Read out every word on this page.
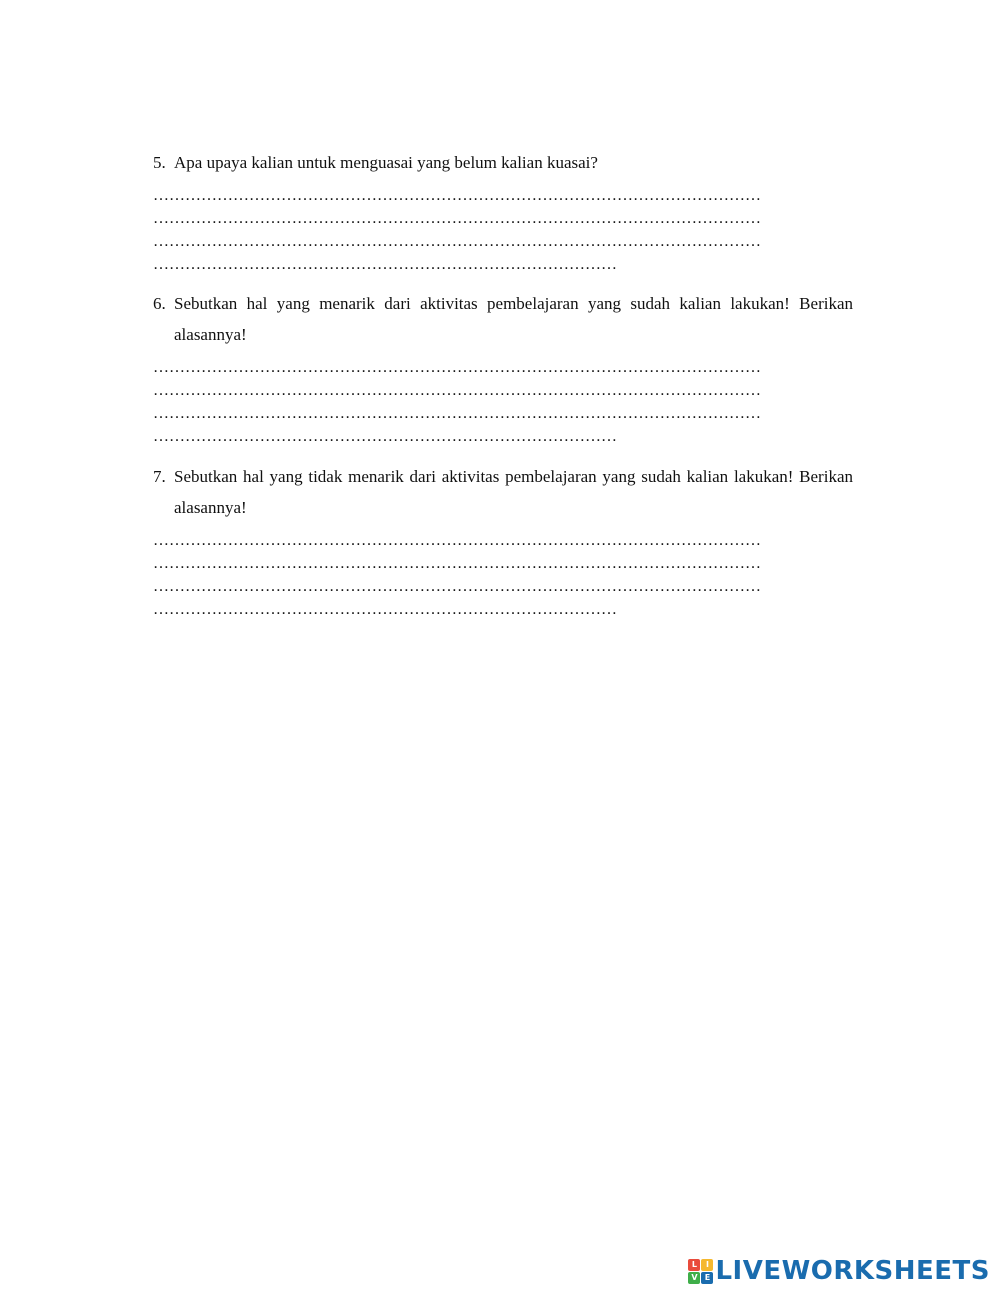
5. Apa upaya kalian untuk menguasai yang belum kalian kuasai?
……………………………………………………………………………………………………
……………………………………………………………………………………………………
……………………………………………………………………………………………………
……………………………………………………………………………
6. Sebutkan hal yang menarik dari aktivitas pembelajaran yang sudah kalian lakukan! Berikan alasannya!
……………………………………………………………………………………………………
……………………………………………………………………………………………………
……………………………………………………………………………………………………
……………………………………………………………………………
7. Sebutkan hal yang tidak menarik dari aktivitas pembelajaran yang sudah kalian lakukan! Berikan alasannya!
……………………………………………………………………………………………………
……………………………………………………………………………………………………
……………………………………………………………………………………………………
……………………………………………………………………………
L	I
V E LIVEWORKSHEETS
